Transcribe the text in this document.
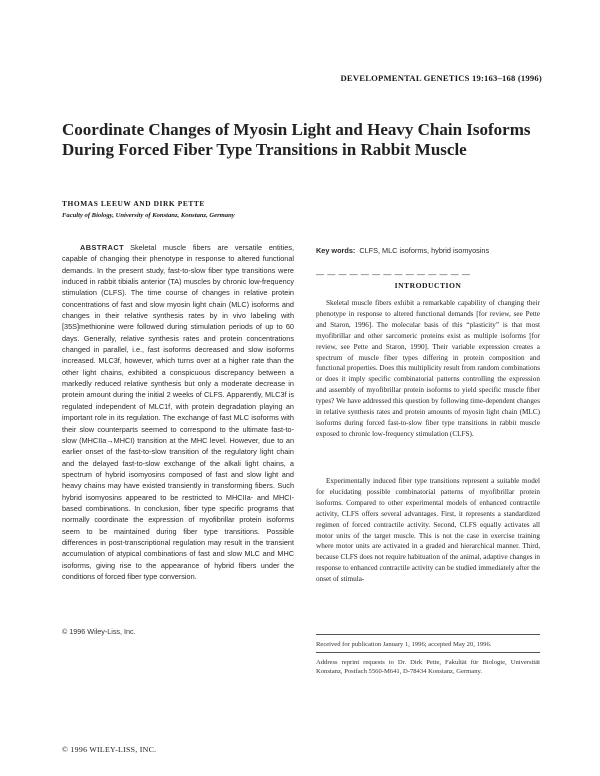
DEVELOPMENTAL GENETICS 19:163–168 (1996)
Coordinate Changes of Myosin Light and Heavy Chain Isoforms During Forced Fiber Type Transitions in Rabbit Muscle
THOMAS LEEUW AND DIRK PETTE
Faculty of Biology, University of Konstanz, Konstanz, Germany

ABSTRACT Skeletal muscle fibers are versatile entities, capable of changing their phenotype in response to altered functional demands. In the present study, fast-to-slow fiber type transitions were induced in rabbit tibialis anterior (TA) muscles by chronic low-frequency stimulation (CLFS). The time course of changes in relative protein concentrations of fast and slow myosin light chain (MLC) isoforms and changes in their relative synthesis rates by in vivo labeling with [35S]methionine were followed during stimulation periods of up to 60 days. Generally, relative synthesis rates and protein concentrations changed in parallel, i.e., fast isoforms decreased and slow isoforms increased. MLC3f, however, which turns over at a higher rate than the other light chains, exhibited a conspicuous discrepancy between a markedly reduced relative synthesis but only a moderate decrease in protein amount during the initial 2 weeks of CLFS. Apparently, MLC3f is regulated independent of MLC1f, with protein degradation playing an important role in its regulation. The exchange of fast MLC isoforms with their slow counterparts seemed to correspond to the ultimate fast-to-slow (MHCIIa→MHCI) transition at the MHC level. However, due to an earlier onset of the fast-to-slow transition of the regulatory light chain and the delayed fast-to-slow exchange of the alkali light chains, a spectrum of hybrid isomyosins composed of fast and slow light and heavy chains may have existed transiently in transforming fibers. Such hybrid isomyosins appeared to be restricted to MHCIIa- and MHCI-based combinations. In conclusion, fiber type specific programs that normally coordinate the expression of myofibrillar protein isoforms seem to be maintained during fiber type transitions. Possible differences in post-transcriptional regulation may result in the transient accumulation of atypical combinations of fast and slow MLC and MHC isoforms, giving rise to the appearance of hybrid fibers under the conditions of forced fiber type conversion.

© 1996 Wiley-Liss, Inc.

Key words: CLFS, MLC isoforms, hybrid isomyosins

— — — — — — — — — — — — — —
INTRODUCTION

Skeletal muscle fibers exhibit a remarkable capability of changing their phenotype in response to altered functional demands [for review, see Pette and Staron, 1996]. The molecular basis of this “plasticity” is that most myofibrillar and other sarcomeric proteins exist as multiple isoforms [for review, see Pette and Staron, 1990]. Their variable expression creates a spectrum of muscle fiber types differing in protein composition and functional properties. Does this multiplicity result from random combinations or does it imply specific combinatorial patterns controlling the expression and assembly of myofibrillar protein isoforms to yield specific muscle fiber types? We have addressed this question by following time-dependent changes in relative synthesis rates and protein amounts of myosin light chain (MLC) isoforms during forced fast-to-slow fiber type transitions in rabbit muscle exposed to chronic low-frequency stimulation (CLFS).

Experimentally induced fiber type transitions represent a suitable model for elucidating possible combinatorial patterns of myofibrillar protein isoforms. Compared to other experimental models of enhanced contractile activity, CLFS offers several advantages. First, it represents a standardized regimen of forced contractile activity. Second, CLFS equally activates all motor units of the target muscle. This is not the case in exercise training where motor units are activated in a graded and hierarchical manner. Third, because CLFS does not require habituation of the animal, adaptive changes in response to enhanced contractile activity can be studied immediately after the onset of stimula-

Received for publication January 1, 1996; accepted May 20, 1996.

Address reprint requests to Dr. Dirk Pette, Fakultät für Biologie, Universität Konstanz, Postfach 5560-M641, D-78434 Konstanz, Germany.

© 1996 WILEY-LISS, INC.
